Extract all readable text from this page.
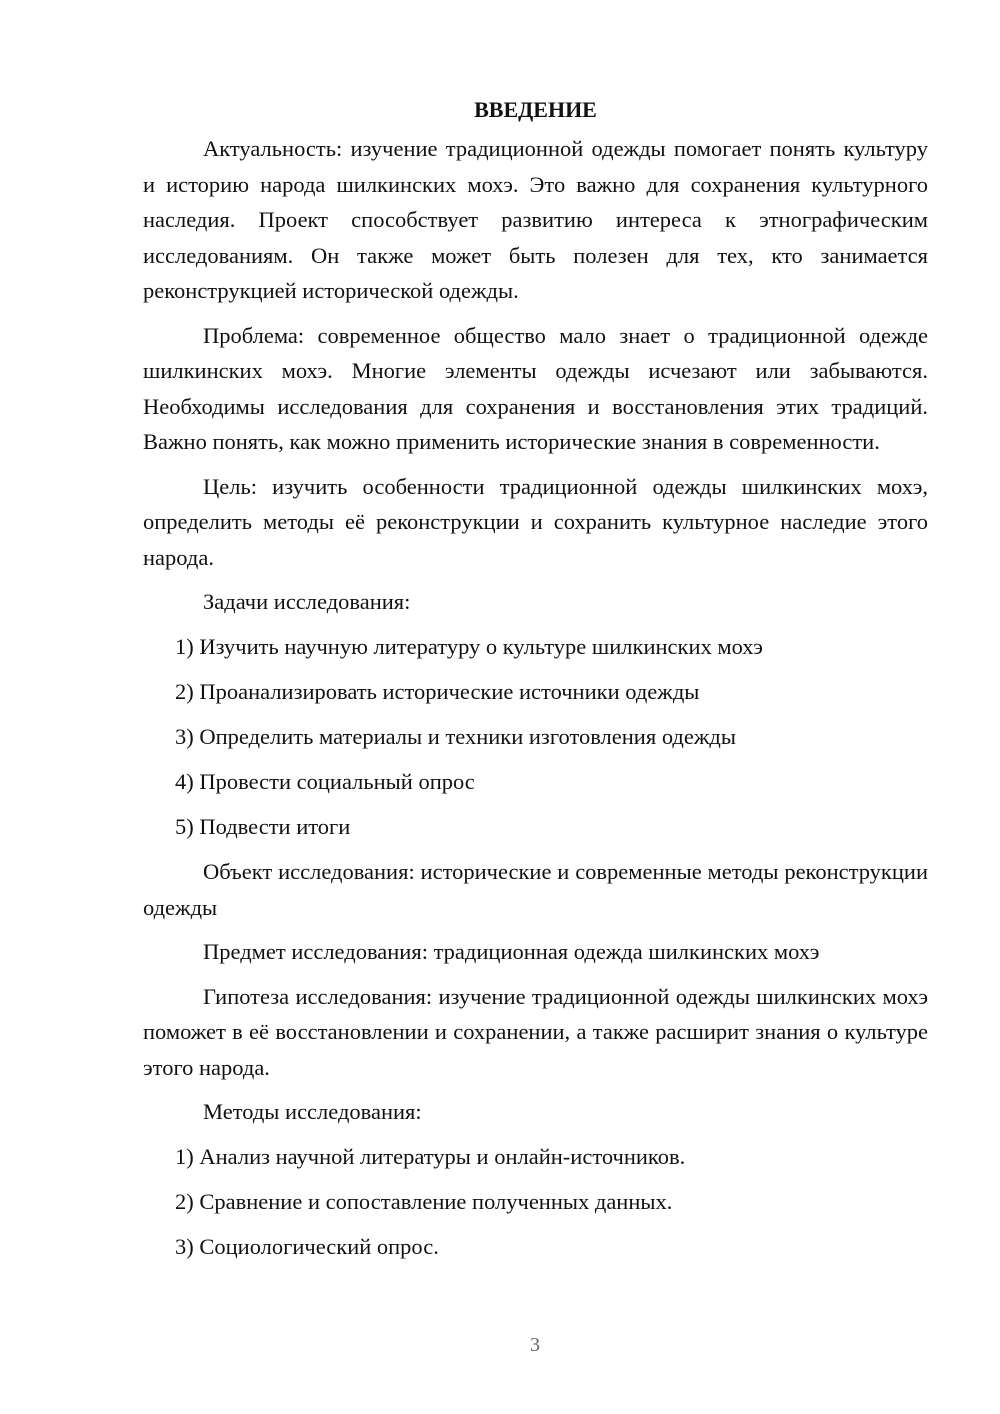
ВВЕДЕНИЕ

Актуальность: изучение традиционной одежды помогает понять культуру и историю народа шилкинских мохэ. Это важно для сохранения культурного наследия. Проект способствует развитию интереса к этнографическим исследованиям. Он также может быть полезен для тех, кто занимается реконструкцией исторической одежды.

Проблема: современное общество мало знает о традиционной одежде шилкинских мохэ. Многие элементы одежды исчезают или забываются. Необходимы исследования для сохранения и восстановления этих традиций. Важно понять, как можно применить исторические знания в современности.

Цель: изучить особенности традиционной одежды шилкинских мохэ, определить методы её реконструкции и сохранить культурное наследие этого народа.

Задачи исследования:

1) Изучить научную литературу о культуре шилкинских мохэ
2) Проанализировать исторические источники одежды
3) Определить материалы и техники изготовления одежды
4) Провести социальный опрос
5) Подвести итоги

Объект исследования: исторические и современные методы реконструкции одежды

Предмет исследования: традиционная одежда шилкинских мохэ

Гипотеза исследования: изучение традиционной одежды шилкинских мохэ поможет в её восстановлении и сохранении, а также расширит знания о культуре этого народа.

Методы исследования:

1) Анализ научной литературы и онлайн-источников.
2) Сравнение и сопоставление полученных данных.
3) Социологический опрос.
3
